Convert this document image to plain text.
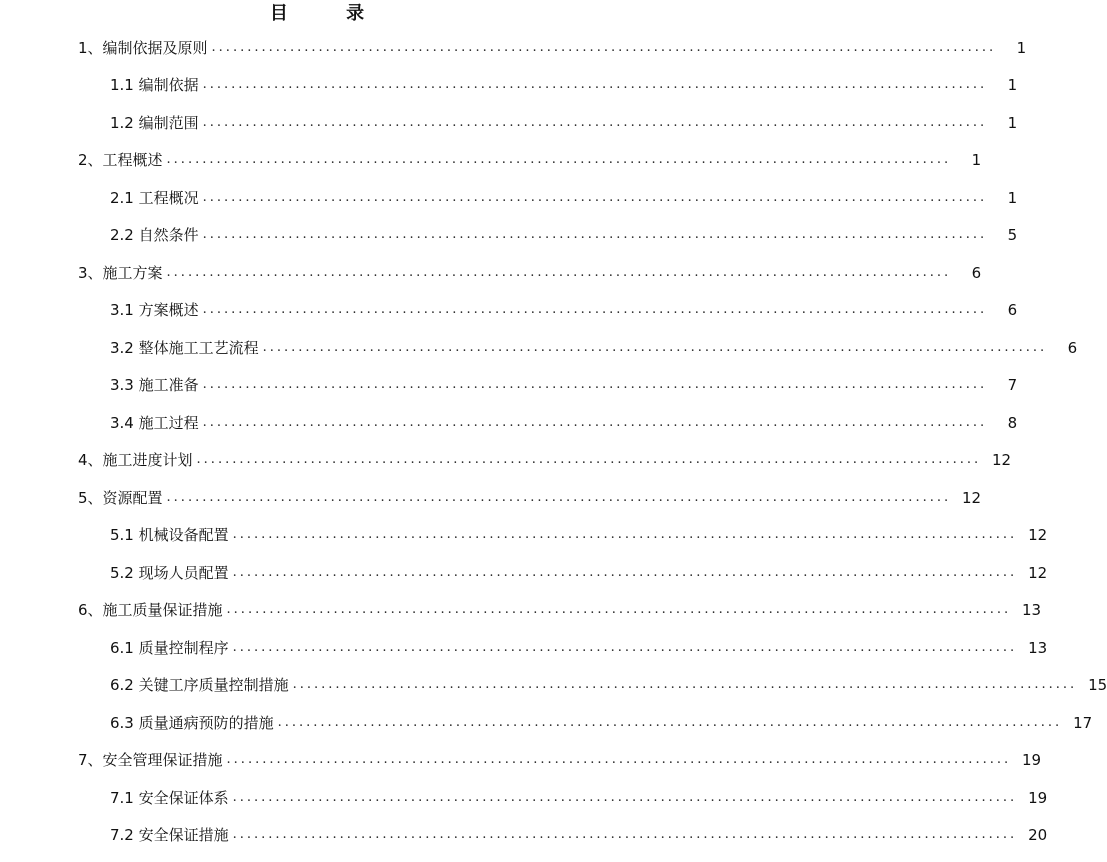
目 录
1、编制依据及原则 ..............................................................................................................	1
1.1 编制依据 ..............................................................................................................	1
1.2 编制范围 ..............................................................................................................	1
2、工程概述 ..............................................................................................................	1
2.1 工程概况 ..............................................................................................................	1
2.2 自然条件 ..............................................................................................................	5
3、施工方案 ..............................................................................................................	6
3.1 方案概述 ..............................................................................................................	6
3.2 整体施工工艺流程 ..............................................................................................................	6
3.3 施工准备 ..............................................................................................................	7
3.4 施工过程 ..............................................................................................................	8
4、施工进度计划 .............................................................................................................. 12
5、资源配置 .............................................................................................................. 12
5.1 机械设备配置 .............................................................................................................. 12
5.2 现场人员配置 .............................................................................................................. 12
6、施工质量保证措施 .............................................................................................................. 13
6.1 质量控制程序 .............................................................................................................. 13
6.2 关键工序质量控制措施 .............................................................................................................. 15
6.3 质量通病预防的措施 .............................................................................................................. 17
7、安全管理保证措施 .............................................................................................................. 19
7.1 安全保证体系 .............................................................................................................. 19
7.2 安全保证措施 .............................................................................................................. 20
